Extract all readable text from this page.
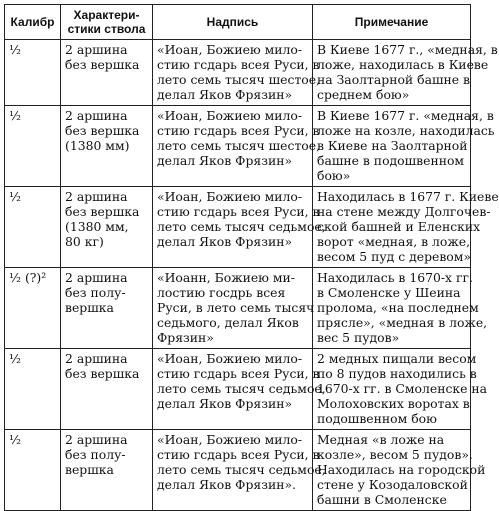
Калибр	Характери- стики ствола	Надпись	Примечание
½	2 аршина
без вершка	«Иоан, Божиею мило-
стию гсдарь всея Руси, в
лето семь тысяч шестое,
делал Яков Фрязин»	В Киеве 1677 г., «медная, в
ложе, находилась в Киеве
на Заолтарной башне в
среднем бою»

½	2 аршина
без вершка
(1380 мм)	«Иоан, Божиею мило-
стию гсдарь всея Руси, в
лето семь тысяч шестое,
делал Яков Фрязин»	В Киеве 1677 г. «медная, в
ложе на козле, находилась
в Киеве на Заолтарной
башне в подошвенном
бою»

½	2 аршина
без вершка
(1380 мм,
80 кг)	«Иоан, Божиею мило-
стию гсдарь всея Руси, в
лето семь тысяч седьмое,
делал Яков Фрязин»	Находилась в 1677 г. Киеве
на стене между Долгочев-
ской башней и Еленских
ворот «медная, в ложе,
весом 5 пуд с деревом»

½ (?)²	2 аршина
без полу-
вершка	«Иоанн, Божиею ми-
лостию госдрь всея
Руси, в лето семь тысяч
седьмого, делал Яков
Фрязин»	Находилась в 1670-х гг.
в Смоленске у Шеина
пролома, «на последнем
прясле», «медная в ложе,
вес 5 пудов»

½	2 аршина
без вершка	«Иоан, Божиею мило-
стию гсдарь всея Руси, в
лето семь тысяч седьмое,
делал Яков Фрязин»	2 медных пищали весом
по 8 пудов находились в
1670-х гг. в Смоленске на
Молоховских воротах в
подошвенном бою

½	2 аршина
без полу-
вершка	«Иоан, Божиею мило-
стию гсдарь всея Руси, в
лето семь тысяч седьмое,
делал Яков Фрязин».	Медная «в ложе на
козле», весом 5 пудов».
Находилась на городской
стене у Козодаловской
башни в Смоленске
